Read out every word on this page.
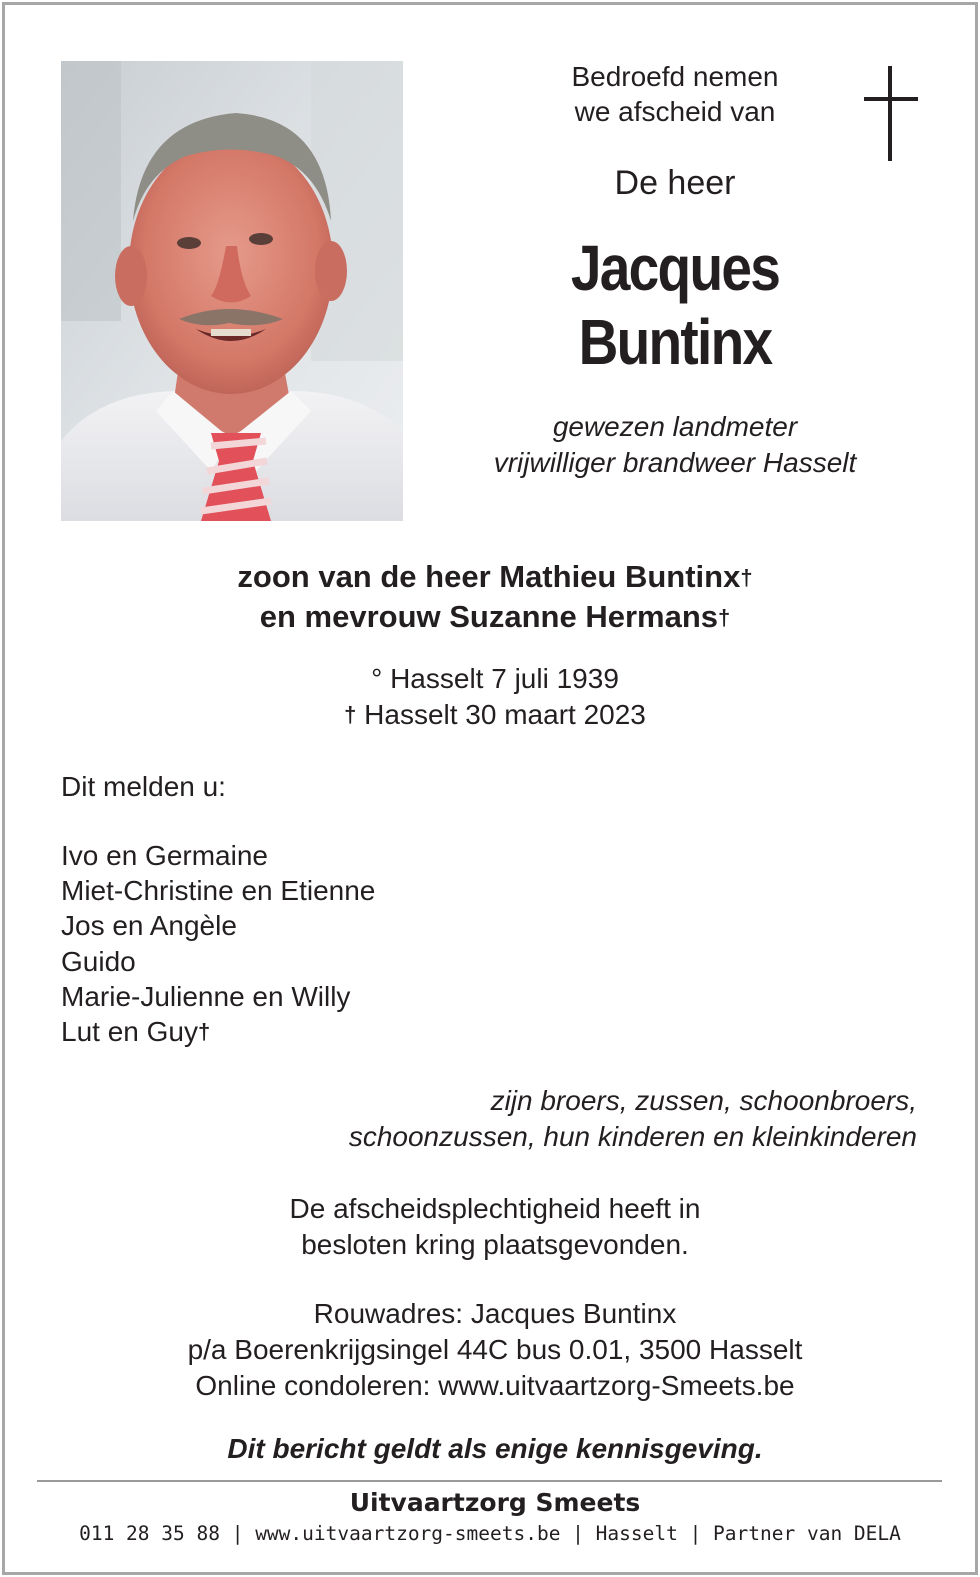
Bedroefd nemen
we afscheid van
De heer
Jacques
Buntinx
gewezen landmeter
vrijwilliger brandweer Hasselt
zoon van de heer Mathieu Buntinx†
en mevrouw Suzanne Hermans†
° Hasselt 7 juli 1939
† Hasselt 30 maart 2023
Dit melden u:
Ivo en Germaine
Miet-Christine en Etienne
Jos en Angèle
Guido
Marie-Julienne en Willy
Lut en Guy†
zijn broers, zussen, schoonbroers,
schoonzussen, hun kinderen en kleinkinderen
De afscheidsplechtigheid heeft in
besloten kring plaatsgevonden.
Rouwadres: Jacques Buntinx
p/a Boerenkrijgsingel 44C bus 0.01, 3500 Hasselt
Online condoleren: www.uitvaartzorg-Smeets.be
Dit bericht geldt als enige kennisgeving.
Uitvaartzorg Smeets
011 28 35 88 | www.uitvaartzorg-smeets.be | Hasselt | Partner van DELA
